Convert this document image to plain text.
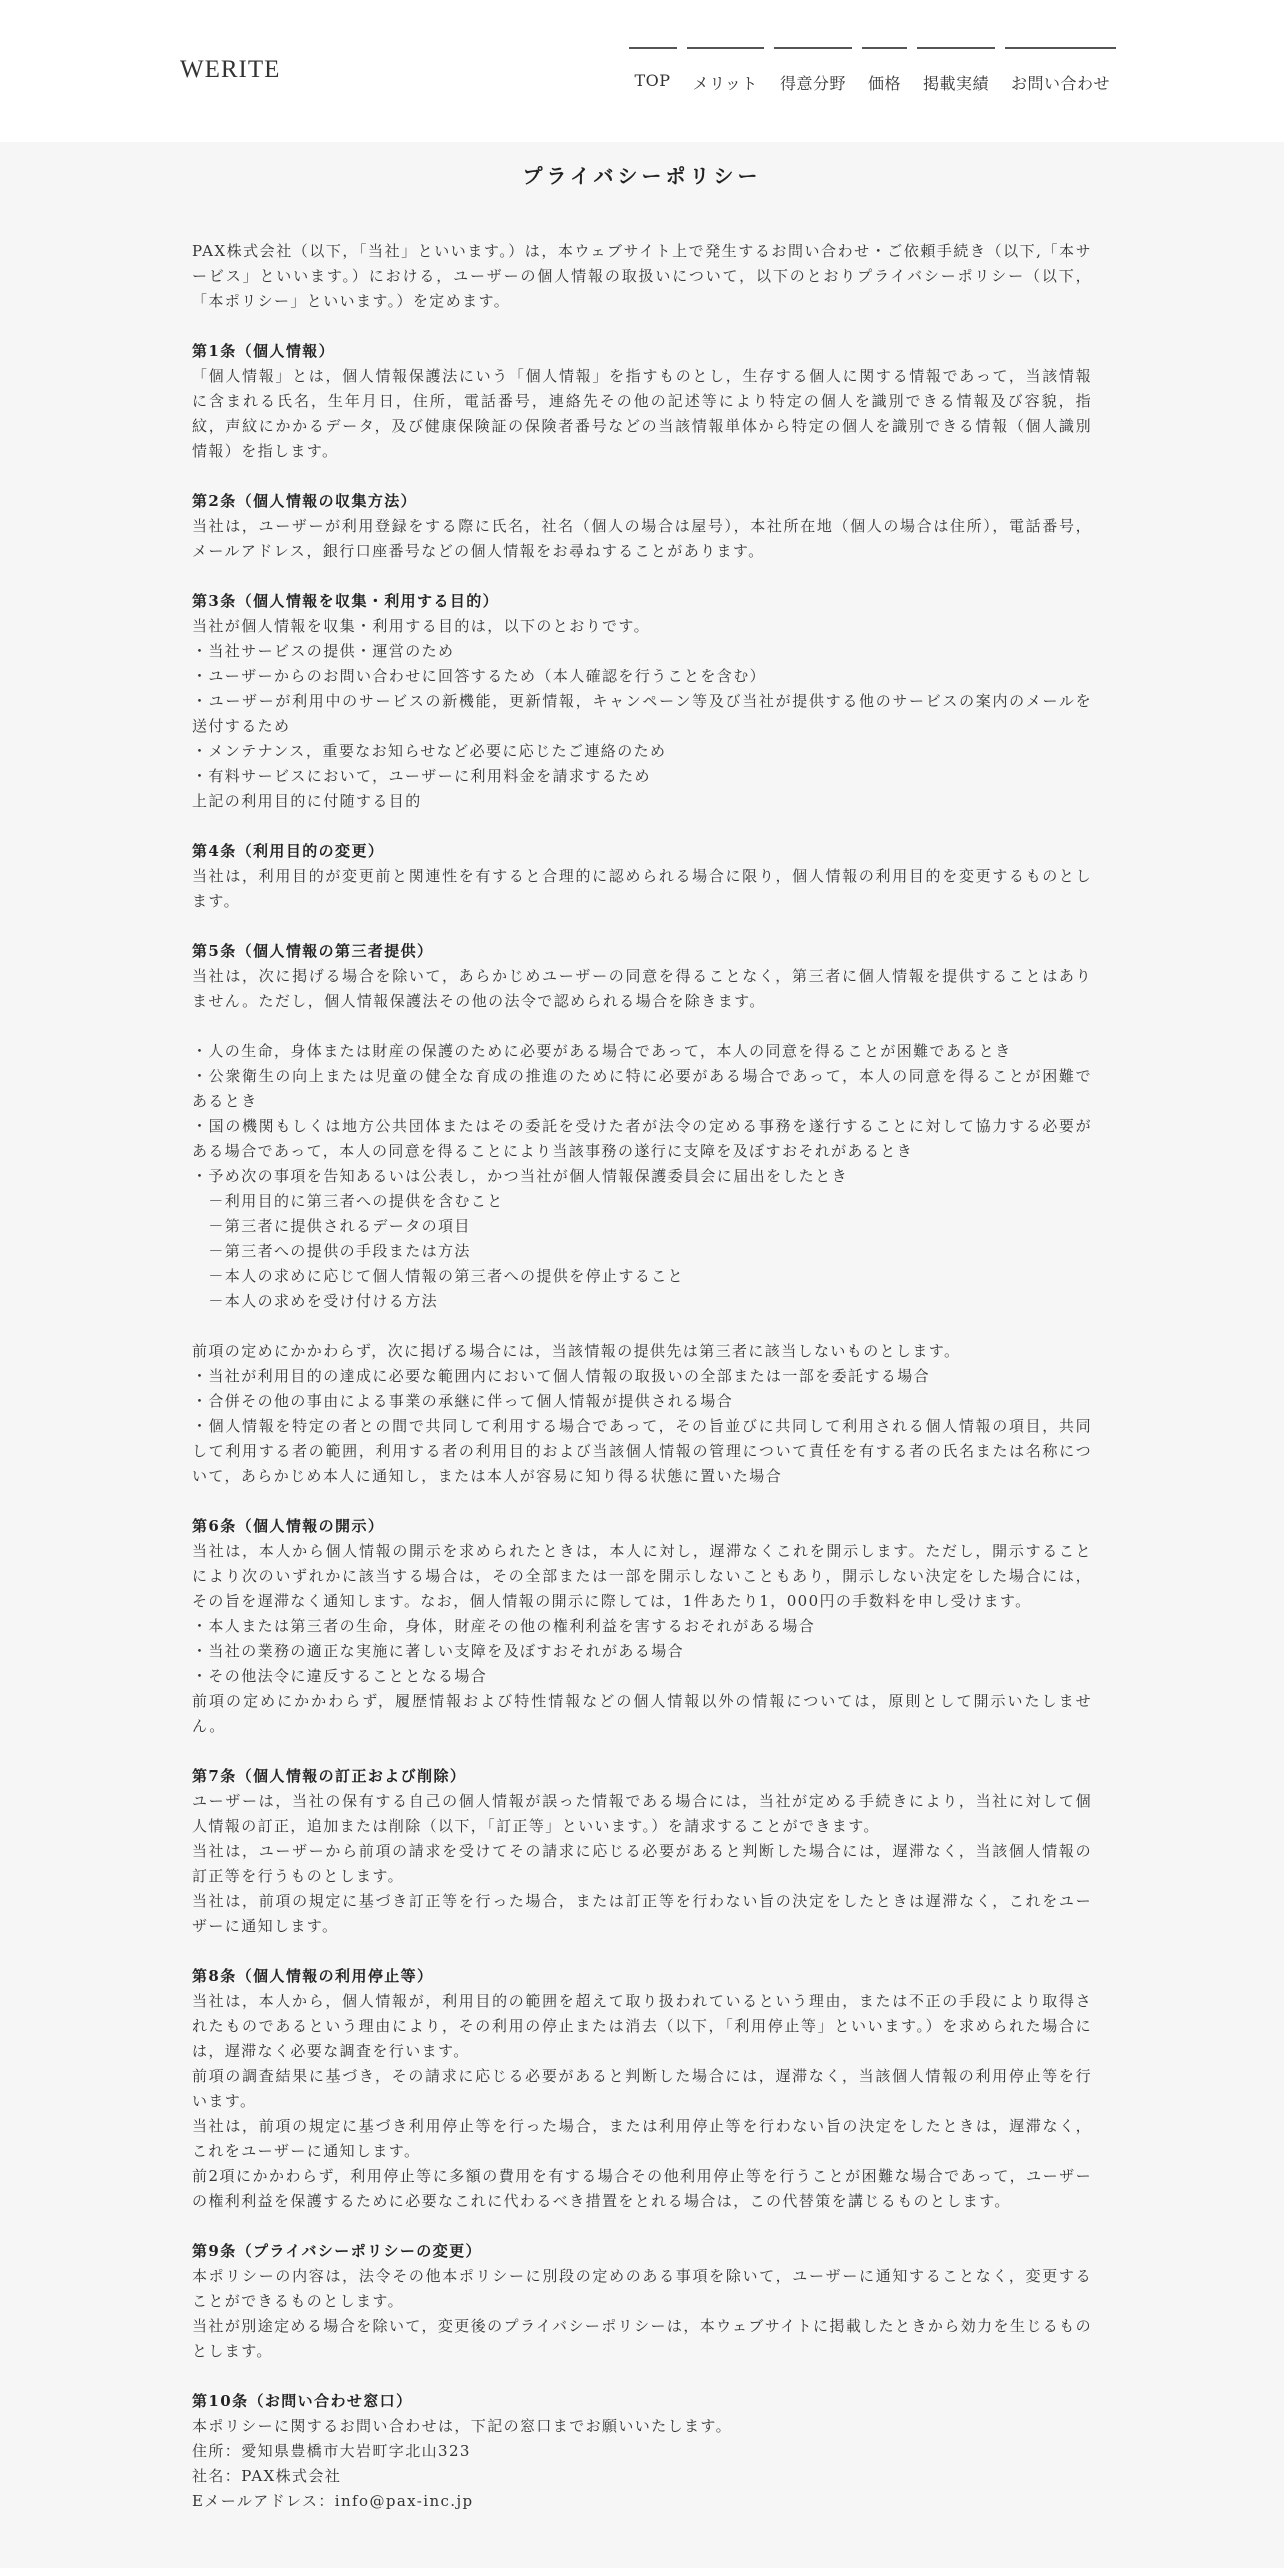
WERITE	TOP	メリット	得意分野	価格	掲載実績	お問い合わせ
プライバシーポリシー

PAX株式会社（以下，「当社」といいます。）は，本ウェブサイト上で発生するお問い合わせ・ご依頼手続き（以下,「本サービス」といいます。）における，ユーザーの個人情報の取扱いについて，以下のとおりプライバシーポリシー（以下，「本ポリシー」といいます。）を定めます。

第1条（個人情報）
「個人情報」とは，個人情報保護法にいう「個人情報」を指すものとし，生存する個人に関する情報であって，当該情報に含まれる氏名，生年月日，住所，電話番号，連絡先その他の記述等により特定の個人を識別できる情報及び容貌，指紋，声紋にかかるデータ，及び健康保険証の保険者番号などの当該情報単体から特定の個人を識別できる情報（個人識別情報）を指します。
第2条（個人情報の収集方法）
当社は，ユーザーが利用登録をする際に氏名，社名（個人の場合は屋号），本社所在地（個人の場合は住所），電話番号，メールアドレス，銀行口座番号などの個人情報をお尋ねすることがあります。
第3条（個人情報を収集・利用する目的）
当社が個人情報を収集・利用する目的は，以下のとおりです。
・当社サービスの提供・運営のため
・ユーザーからのお問い合わせに回答するため（本人確認を行うことを含む）
・ユーザーが利用中のサービスの新機能，更新情報，キャンペーン等及び当社が提供する他のサービスの案内のメールを送付するため
・メンテナンス，重要なお知らせなど必要に応じたご連絡のため
・有料サービスにおいて，ユーザーに利用料金を請求するため
上記の利用目的に付随する目的
第4条（利用目的の変更）
当社は，利用目的が変更前と関連性を有すると合理的に認められる場合に限り，個人情報の利用目的を変更するものとします。
第5条（個人情報の第三者提供）
当社は，次に掲げる場合を除いて，あらかじめユーザーの同意を得ることなく，第三者に個人情報を提供することはありません。ただし，個人情報保護法その他の法令で認められる場合を除きます。
・人の生命，身体または財産の保護のために必要がある場合であって，本人の同意を得ることが困難であるとき
・公衆衛生の向上または児童の健全な育成の推進のために特に必要がある場合であって，本人の同意を得ることが困難であるとき
・国の機関もしくは地方公共団体またはその委託を受けた者が法令の定める事務を遂行することに対して協力する必要がある場合であって，本人の同意を得ることにより当該事務の遂行に支障を及ぼすおそれがあるとき
・予め次の事項を告知あるいは公表し，かつ当社が個人情報保護委員会に届出をしたとき
　－利用目的に第三者への提供を含むこと
　－第三者に提供されるデータの項目
　－第三者への提供の手段または方法
　－本人の求めに応じて個人情報の第三者への提供を停止すること
　－本人の求めを受け付ける方法
前項の定めにかかわらず，次に掲げる場合には，当該情報の提供先は第三者に該当しないものとします。
・当社が利用目的の達成に必要な範囲内において個人情報の取扱いの全部または一部を委託する場合
・合併その他の事由による事業の承継に伴って個人情報が提供される場合
・個人情報を特定の者との間で共同して利用する場合であって，その旨並びに共同して利用される個人情報の項目，共同して利用する者の範囲，利用する者の利用目的および当該個人情報の管理について責任を有する者の氏名または名称について，あらかじめ本人に通知し，または本人が容易に知り得る状態に置いた場合
第6条（個人情報の開示）
当社は，本人から個人情報の開示を求められたときは，本人に対し，遅滞なくこれを開示します。ただし，開示することにより次のいずれかに該当する場合は，その全部または一部を開示しないこともあり，開示しない決定をした場合には，その旨を遅滞なく通知します。なお，個人情報の開示に際しては，1件あたり1，000円の手数料を申し受けます。
・本人または第三者の生命，身体，財産その他の権利利益を害するおそれがある場合
・当社の業務の適正な実施に著しい支障を及ぼすおそれがある場合
・その他法令に違反することとなる場合
前項の定めにかかわらず，履歴情報および特性情報などの個人情報以外の情報については，原則として開示いたしません。
第7条（個人情報の訂正および削除）
ユーザーは，当社の保有する自己の個人情報が誤った情報である場合には，当社が定める手続きにより，当社に対して個人情報の訂正，追加または削除（以下，「訂正等」といいます。）を請求することができます。
当社は，ユーザーから前項の請求を受けてその請求に応じる必要があると判断した場合には，遅滞なく，当該個人情報の訂正等を行うものとします。
当社は，前項の規定に基づき訂正等を行った場合，または訂正等を行わない旨の決定をしたときは遅滞なく，これをユーザーに通知します。
第8条（個人情報の利用停止等）
当社は，本人から，個人情報が，利用目的の範囲を超えて取り扱われているという理由，または不正の手段により取得されたものであるという理由により，その利用の停止または消去（以下，「利用停止等」といいます。）を求められた場合には，遅滞なく必要な調査を行います。
前項の調査結果に基づき，その請求に応じる必要があると判断した場合には，遅滞なく，当該個人情報の利用停止等を行います。
当社は，前項の規定に基づき利用停止等を行った場合，または利用停止等を行わない旨の決定をしたときは，遅滞なく，これをユーザーに通知します。
前2項にかかわらず，利用停止等に多額の費用を有する場合その他利用停止等を行うことが困難な場合であって，ユーザーの権利利益を保護するために必要なこれに代わるべき措置をとれる場合は，この代替策を講じるものとします。
第9条（プライバシーポリシーの変更）
本ポリシーの内容は，法令その他本ポリシーに別段の定めのある事項を除いて，ユーザーに通知することなく，変更することができるものとします。
当社が別途定める場合を除いて，変更後のプライバシーポリシーは，本ウェブサイトに掲載したときから効力を生じるものとします。
第10条（お問い合わせ窓口）
本ポリシーに関するお問い合わせは，下記の窓口までお願いいたします。
住所：愛知県豊橋市大岩町字北山323
社名：PAX株式会社
Eメールアドレス：info@pax-inc.jp
